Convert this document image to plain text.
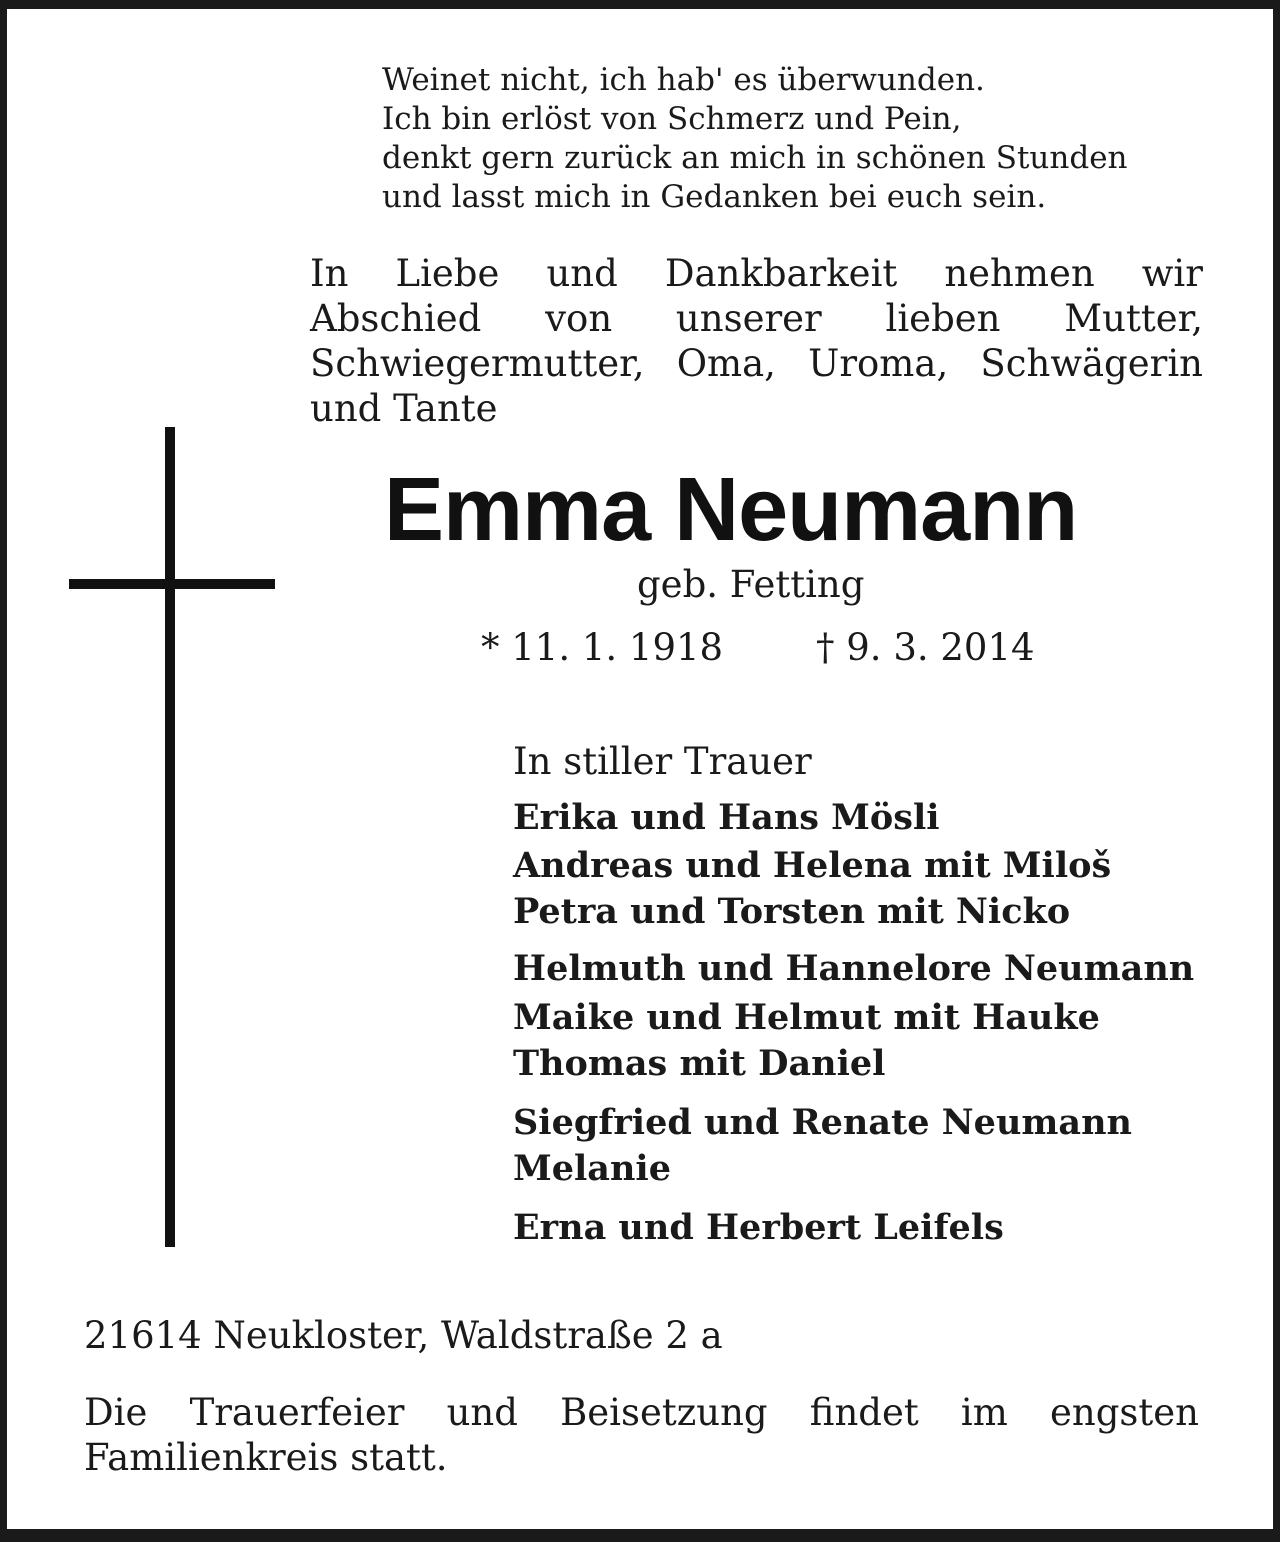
Weinet nicht, ich hab' es überwunden.
Ich bin erlöst von Schmerz und Pein,
denkt gern zurück an mich in schönen Stunden
und lasst mich in Gedanken bei euch sein.
In Liebe und Dankbarkeit nehmen wir
Abschied von unserer lieben Mutter,
Schwiegermutter, Oma, Uroma, Schwägerin
und Tante
Emma Neumann
geb. Fetting
* 11. 1. 1918	† 9. 3. 2014
In stiller Trauer
Erika und Hans Mösli
Andreas und Helena mit Miloš
Petra und Torsten mit Nicko
Helmuth und Hannelore Neumann
Maike und Helmut mit Hauke
Thomas mit Daniel
Siegfried und Renate Neumann
Melanie
Erna und Herbert Leifels
21614 Neukloster, Waldstraße 2 a
Die Trauerfeier und Beisetzung findet im engsten
Familienkreis statt.
